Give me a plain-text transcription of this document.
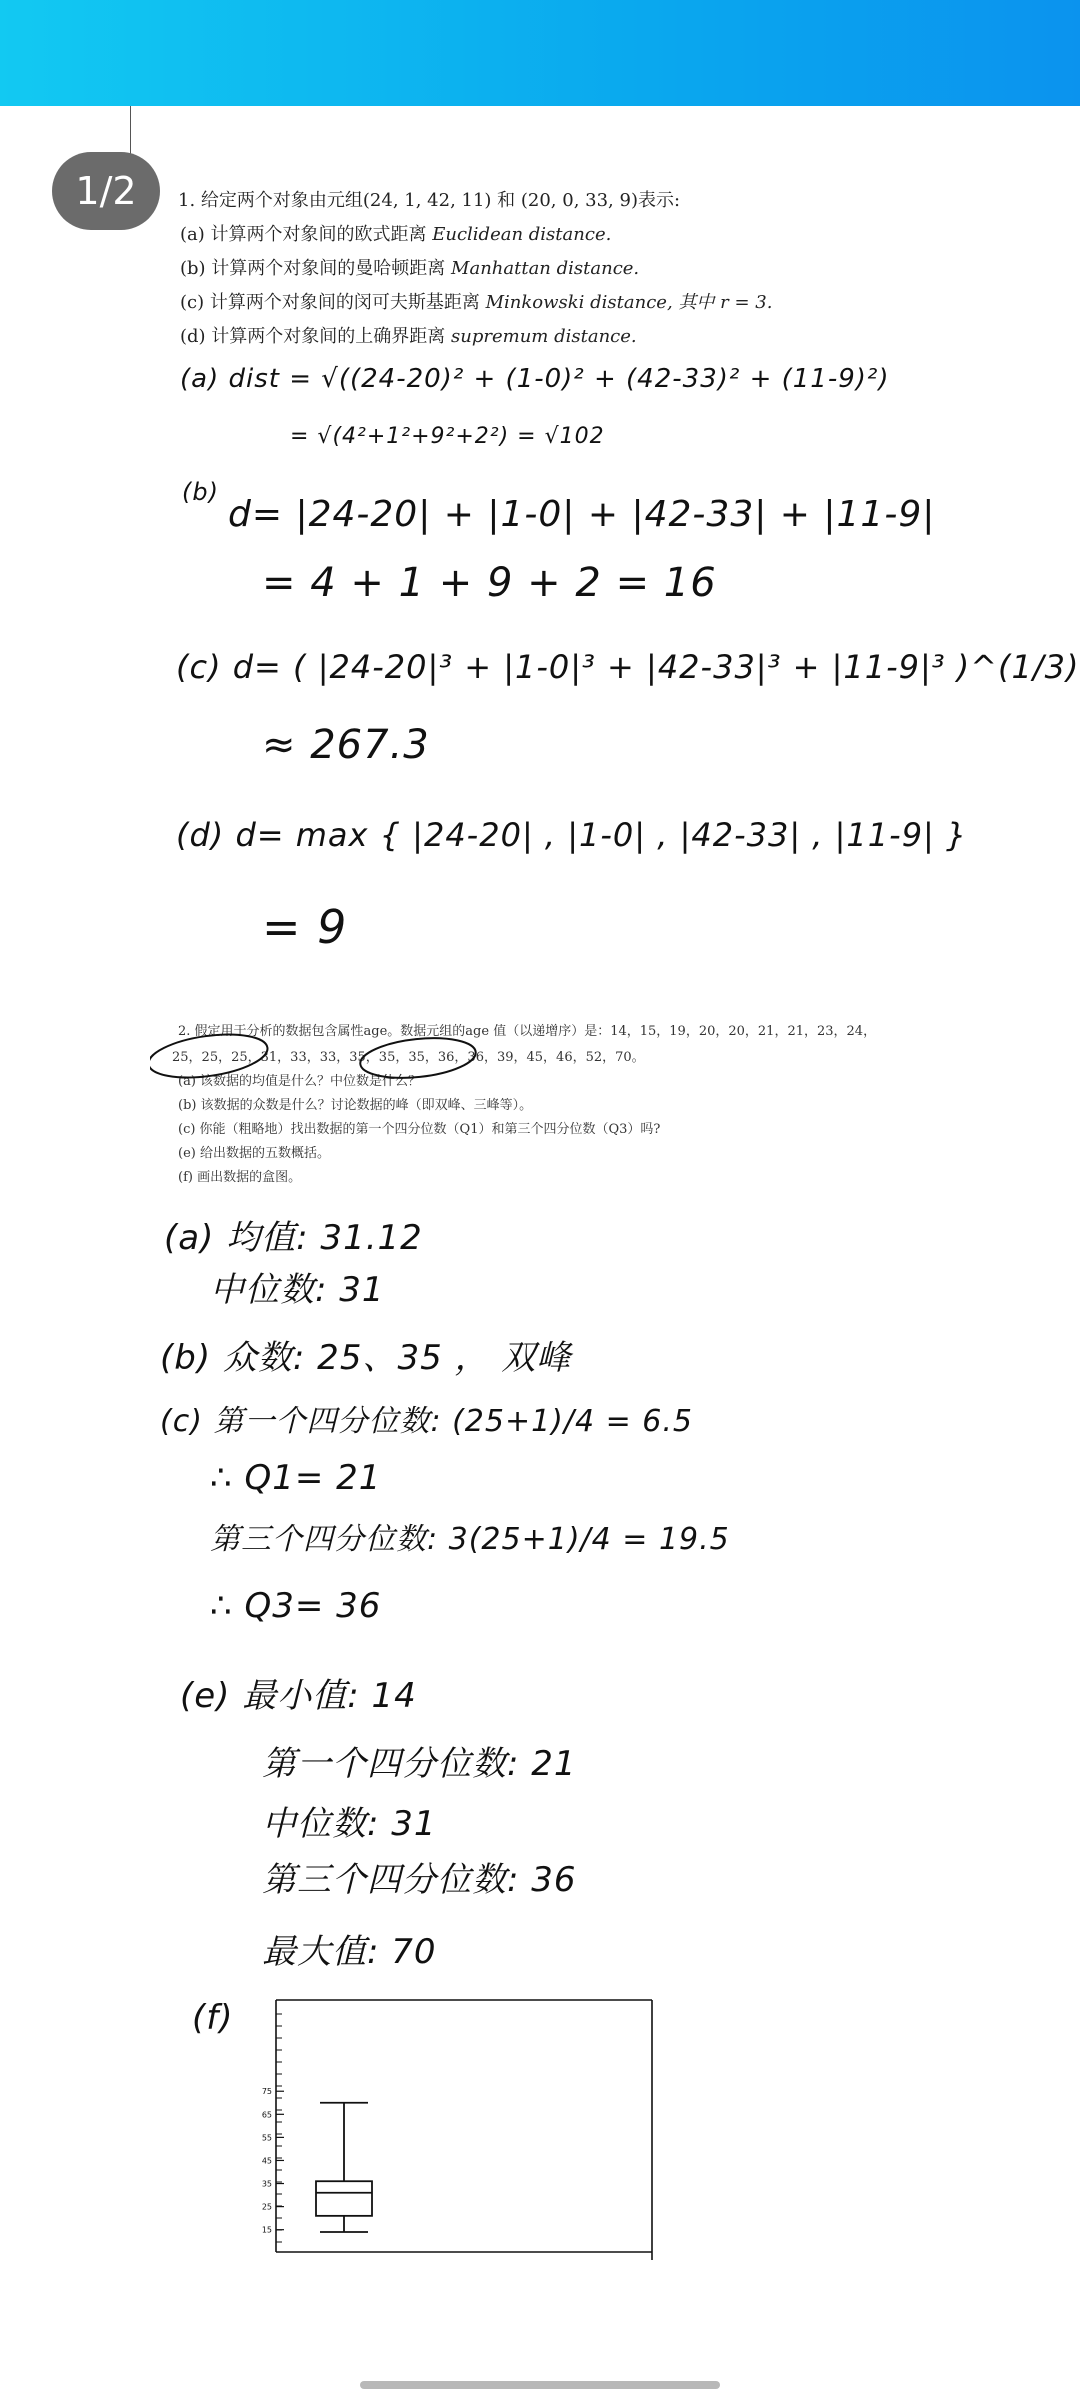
1/2	1. 给定两个对象由元组(24, 1, 42, 11) 和 (20, 0, 33, 9)表示:
(a) 计算两个对象间的欧式距离 Euclidean distance.
(b) 计算两个对象间的曼哈顿距离 Manhattan distance.
(c) 计算两个对象间的闵可夫斯基距离 Minkowski distance, 其中 r = 3.
(d) 计算两个对象间的上确界距离 supremum distance.
(a) dist = √((24-20)² + (1-0)² + (42-33)² + (11-9)²)
= √(4²+1²+9²+2²) = √102
(b)
d= |24-20| + |1-0| + |42-33| + |11-9|
= 4 + 1 + 9 + 2 = 16
(c) d= ( |24-20|³ + |1-0|³ + |42-33|³ + |11-9|³ )^(1/3)
≈ 267.3
(d) d= max { |24-20| , |1-0| , |42-33| , |11-9| }
= 9
2. 假定用于分析的数据包含属性age。数据元组的age 值（以递增序）是：14，15，19，20，20，21，21，23，24，
25，25，25，31，33，33，35，35，35，36，36，39，45，46，52，70。
(a) 该数据的均值是什么？中位数是什么？
(b) 该数据的众数是什么？讨论数据的峰（即双峰、三峰等）。
(c) 你能（粗略地）找出数据的第一个四分位数（Q1）和第三个四分位数（Q3）吗?
(e) 给出数据的五数概括。
(f) 画出数据的盒图。
(a) 均值: 31.12
中位数: 31
(b) 众数: 25、35 ， 双峰
(c) 第一个四分位数: (25+1)/4 = 6.5
∴ Q1= 21
第三个四分位数: 3(25+1)/4 = 19.5
∴ Q3= 36
(e) 最小值: 14
第一个四分位数: 21
中位数: 31
第三个四分位数: 36
最大值: 70
(f)
75
65
55
45
35
25
15
